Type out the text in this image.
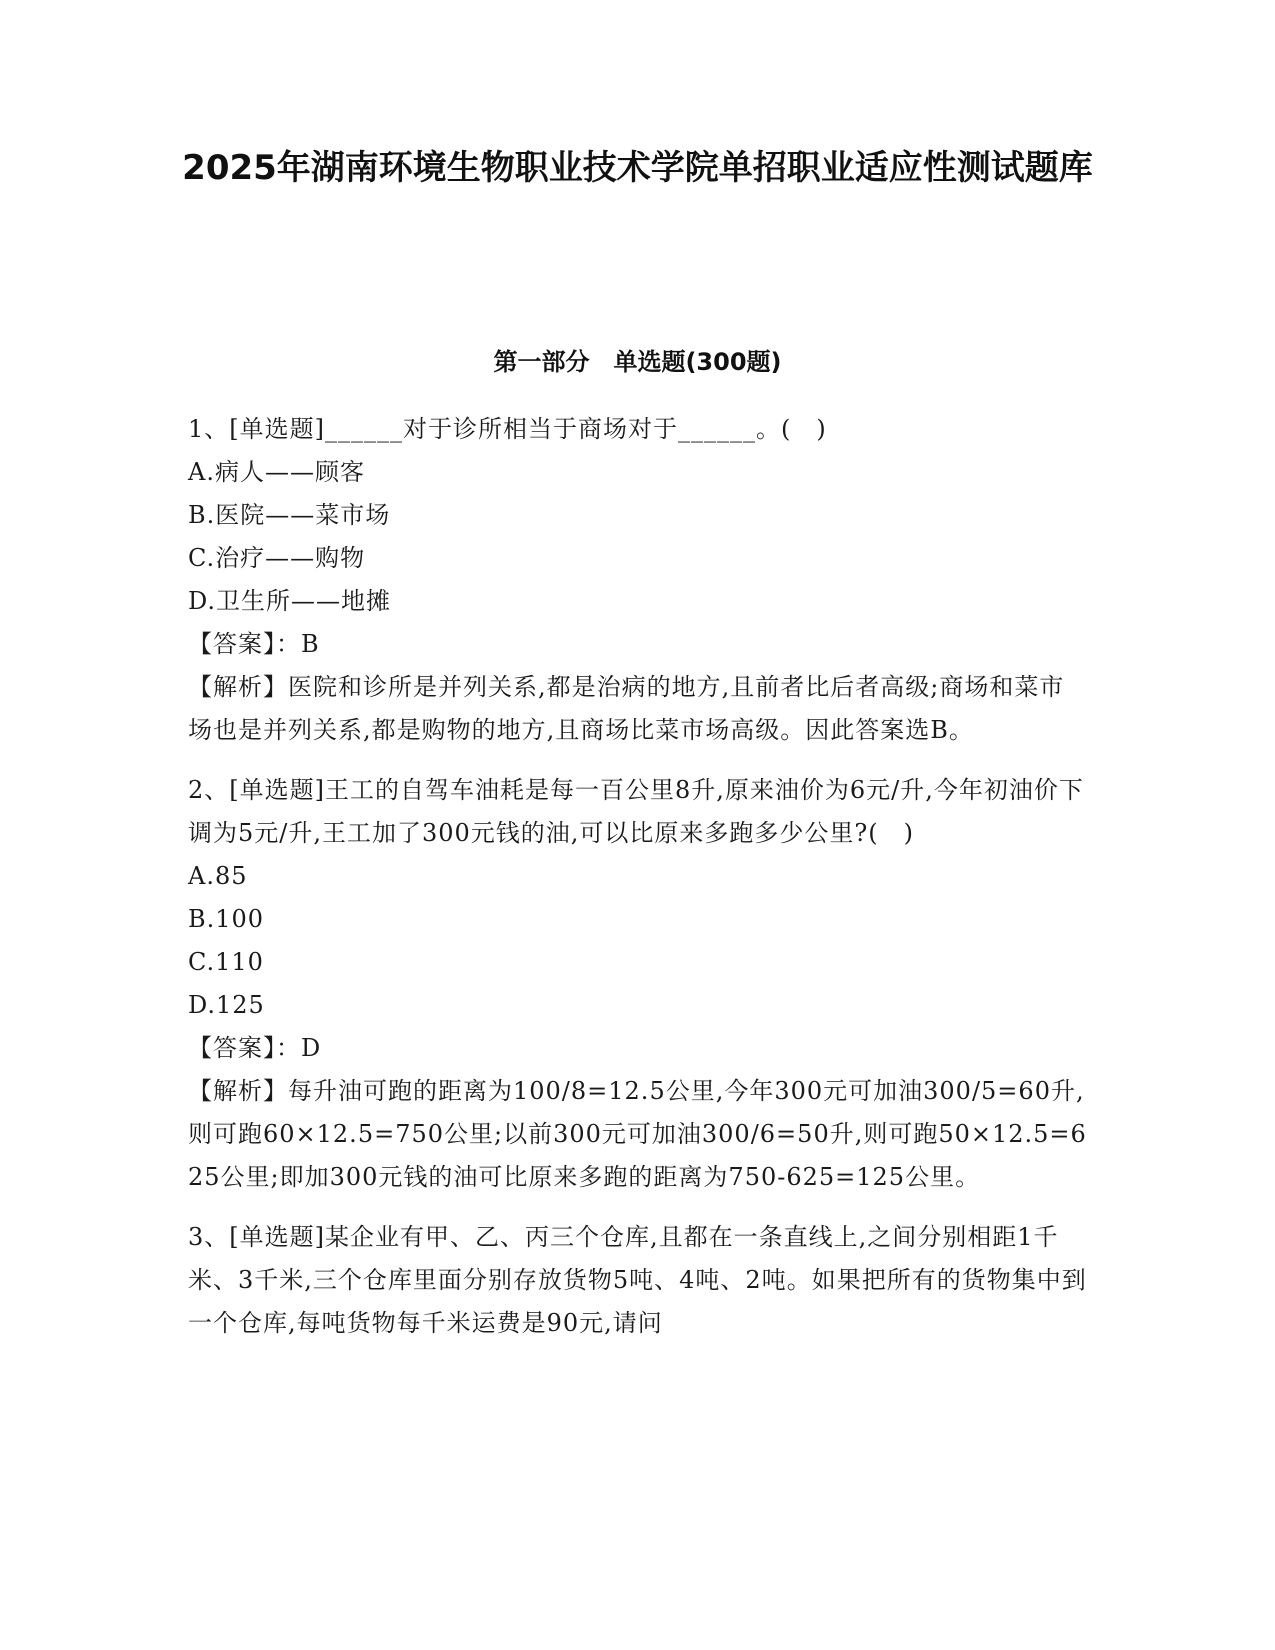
2025年湖南环境生物职业技术学院单招职业适应性测试题库
第一部分　单选题(300题)

1、[单选题]______对于诊所相当于商场对于______。(　)

A.病人——顾客

B.医院——菜市场

C.治疗——购物

D.卫生所——地摊

【答案】：B

【解析】医院和诊所是并列关系,都是治病的地方,且前者比后者高级;商场和菜市场也是并列关系,都是购物的地方,且商场比菜市场高级。因此答案选B。

2、[单选题]王工的自驾车油耗是每一百公里8升,原来油价为6元/升,今年初油价下调为5元/升,王工加了300元钱的油,可以比原来多跑多少公里?(　)

A.85

B.100

C.110

D.125

【答案】：D

【解析】每升油可跑的距离为100/8=12.5公里,今年300元可加油300/5=60升,则可跑60×12.5=750公里;以前300元可加油300/6=50升,则可跑50×12.5=625公里;即加300元钱的油可比原来多跑的距离为750-625=125公里。

3、[单选题]某企业有甲、乙、丙三个仓库,且都在一条直线上,之间分别相距1千米、3千米,三个仓库里面分别存放货物5吨、4吨、2吨。如果把所有的货物集中到一个仓库,每吨货物每千米运费是90元,请问
